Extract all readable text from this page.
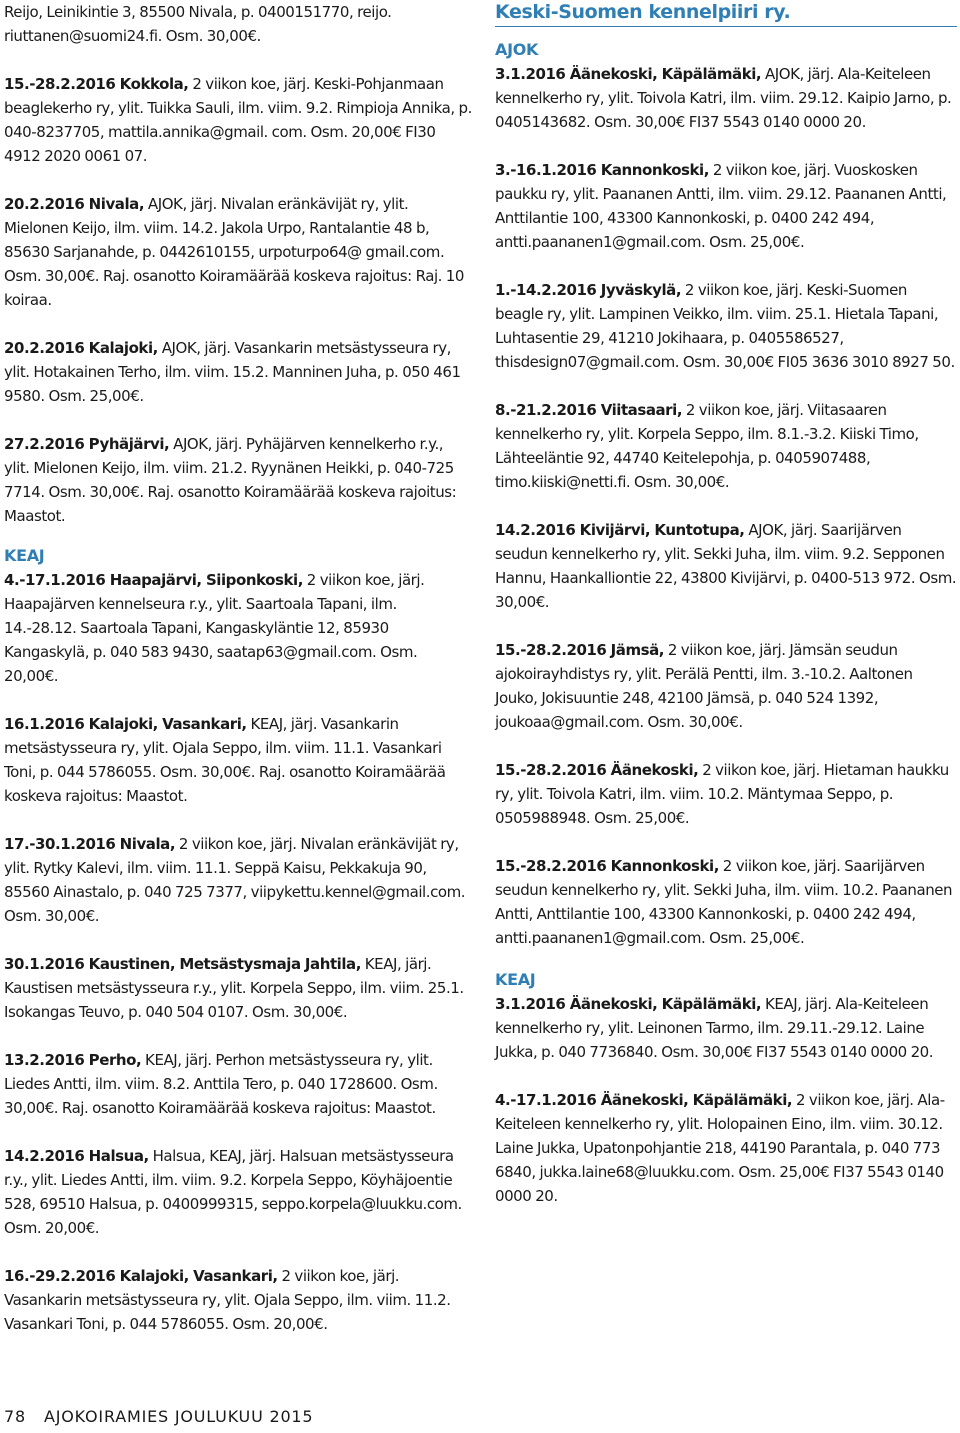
Reijo, Leinikintie 3, 85500 Nivala, p. 0400151770, reijo. riuttanen@suomi24.fi. Osm. 30,00€.

15.-28.2.2016 Kokkola, 2 viikon koe, järj. Keski-Pohjanmaan beaglekerho ry, ylit. Tuikka Sauli, ilm. viim. 9.2. Rimpioja Annika, p. 040-8237705, mattila.annika@gmail. com. Osm. 20,00€ FI30 4912 2020 0061 07.

20.2.2016 Nivala, AJOK, järj. Nivalan eränkävijät ry, ylit. Mielonen Keijo, ilm. viim. 14.2. Jakola Urpo, Rantalantie 48 b, 85630 Sarjanahde, p. 0442610155, urpoturpo64@ gmail.com. Osm. 30,00€. Raj. osanotto Koiramäärää koskeva rajoitus: Raj. 10 koiraa.

20.2.2016 Kalajoki, AJOK, järj. Vasankarin metsästysseura ry, ylit. Hotakainen Terho, ilm. viim. 15.2. Manninen Juha, p. 050 461 9580. Osm. 25,00€.

27.2.2016 Pyhäjärvi, AJOK, järj. Pyhäjärven kennelkerho r.y., ylit. Mielonen Keijo, ilm. viim. 21.2. Ryynänen Heikki, p. 040-725 7714. Osm. 30,00€. Raj. osanotto Koiramäärää koskeva rajoitus: Maastot.

KEAJ

4.-17.1.2016 Haapajärvi, Siiponkoski, 2 viikon koe, järj. Haapajärven kennelseura r.y., ylit. Saartoala Tapani, ilm. 14.-28.12. Saartoala Tapani, Kangaskyläntie 12, 85930 Kangaskylä, p. 040 583 9430, saatap63@gmail.com. Osm. 20,00€.

16.1.2016 Kalajoki, Vasankari, KEAJ, järj. Vasankarin metsästysseura ry, ylit. Ojala Seppo, ilm. viim. 11.1. Vasankari Toni, p. 044 5786055. Osm. 30,00€. Raj. osanotto Koiramäärää koskeva rajoitus: Maastot.

17.-30.1.2016 Nivala, 2 viikon koe, järj. Nivalan eränkävijät ry, ylit. Rytky Kalevi, ilm. viim. 11.1. Seppä Kaisu, Pekkakuja 90, 85560 Ainastalo, p. 040 725 7377, viipykettu.kennel@gmail.com. Osm. 30,00€.

30.1.2016 Kaustinen, Metsästysmaja Jahtila, KEAJ, järj. Kaustisen metsästysseura r.y., ylit. Korpela Seppo, ilm. viim. 25.1. Isokangas Teuvo, p. 040 504 0107. Osm. 30,00€.

13.2.2016 Perho, KEAJ, järj. Perhon metsästysseura ry, ylit. Liedes Antti, ilm. viim. 8.2. Anttila Tero, p. 040 1728600. Osm. 30,00€. Raj. osanotto Koiramäärää koskeva rajoitus: Maastot.

14.2.2016 Halsua, Halsua, KEAJ, järj. Halsuan metsästysseura r.y., ylit. Liedes Antti, ilm. viim. 9.2. Korpela Seppo, Köyhäjoentie 528, 69510 Halsua, p. 0400999315, seppo.korpela@luukku.com. Osm. 20,00€.

16.-29.2.2016 Kalajoki, Vasankari, 2 viikon koe, järj. Vasankarin metsästysseura ry, ylit. Ojala Seppo, ilm. viim. 11.2. Vasankari Toni, p. 044 5786055. Osm. 20,00€.

Keski-Suomen kennelpiiri ry.

AJOK

3.1.2016 Äänekoski, Käpälämäki, AJOK, järj. Ala-Keiteleen kennelkerho ry, ylit. Toivola Katri, ilm. viim. 29.12. Kaipio Jarno, p. 0405143682. Osm. 30,00€ FI37 5543 0140 0000 20.

3.-16.1.2016 Kannonkoski, 2 viikon koe, järj. Vuoskosken paukku ry, ylit. Paananen Antti, ilm. viim. 29.12. Paananen Antti, Anttilantie 100, 43300 Kannonkoski, p. 0400 242 494, antti.paananen1@gmail.com. Osm. 25,00€.

1.-14.2.2016 Jyväskylä, 2 viikon koe, järj. Keski-Suomen beagle ry, ylit. Lampinen Veikko, ilm. viim. 25.1. Hietala Tapani, Luhtasentie 29, 41210 Jokihaara, p. 0405586527, thisdesign07@gmail.com. Osm. 30,00€ FI05 3636 3010 8927 50.

8.-21.2.2016 Viitasaari, 2 viikon koe, järj. Viitasaaren kennelkerho ry, ylit. Korpela Seppo, ilm. 8.1.-3.2. Kiiski Timo, Lähteeläntie 92, 44740 Keitelepohja, p. 0405907488, timo.kiiski@netti.fi. Osm. 30,00€.

14.2.2016 Kivijärvi, Kuntotupa, AJOK, järj. Saarijärven seudun kennelkerho ry, ylit. Sekki Juha, ilm. viim. 9.2. Sepponen Hannu, Haankalliontie 22, 43800 Kivijärvi, p. 0400-513 972. Osm. 30,00€.

15.-28.2.2016 Jämsä, 2 viikon koe, järj. Jämsän seudun ajokoirayhdistys ry, ylit. Perälä Pentti, ilm. 3.-10.2. Aaltonen Jouko, Jokisuuntie 248, 42100 Jämsä, p. 040 524 1392, joukoaa@gmail.com. Osm. 30,00€.

15.-28.2.2016 Äänekoski, 2 viikon koe, järj. Hietaman haukku ry, ylit. Toivola Katri, ilm. viim. 10.2. Mäntymaa Seppo, p. 0505988948. Osm. 25,00€.

15.-28.2.2016 Kannonkoski, 2 viikon koe, järj. Saarijärven seudun kennelkerho ry, ylit. Sekki Juha, ilm. viim. 10.2. Paananen Antti, Anttilantie 100, 43300 Kannonkoski, p. 0400 242 494, antti.paananen1@gmail.com. Osm. 25,00€.

KEAJ

3.1.2016 Äänekoski, Käpälämäki, KEAJ, järj. Ala-Keiteleen kennelkerho ry, ylit. Leinonen Tarmo, ilm. 29.11.-29.12. Laine Jukka, p. 040 7736840. Osm. 30,00€ FI37 5543 0140 0000 20.

4.-17.1.2016 Äänekoski, Käpälämäki, 2 viikon koe, järj. Ala-Keiteleen kennelkerho ry, ylit. Holopainen Eino, ilm. viim. 30.12. Laine Jukka, Upatonpohjantie 218, 44190 Parantala, p. 040 773 6840, jukka.laine68@luukku.com. Osm. 25,00€ FI37 5543 0140 0000 20.

78 AJOKOIRAMIES JOULUKUU 2015
